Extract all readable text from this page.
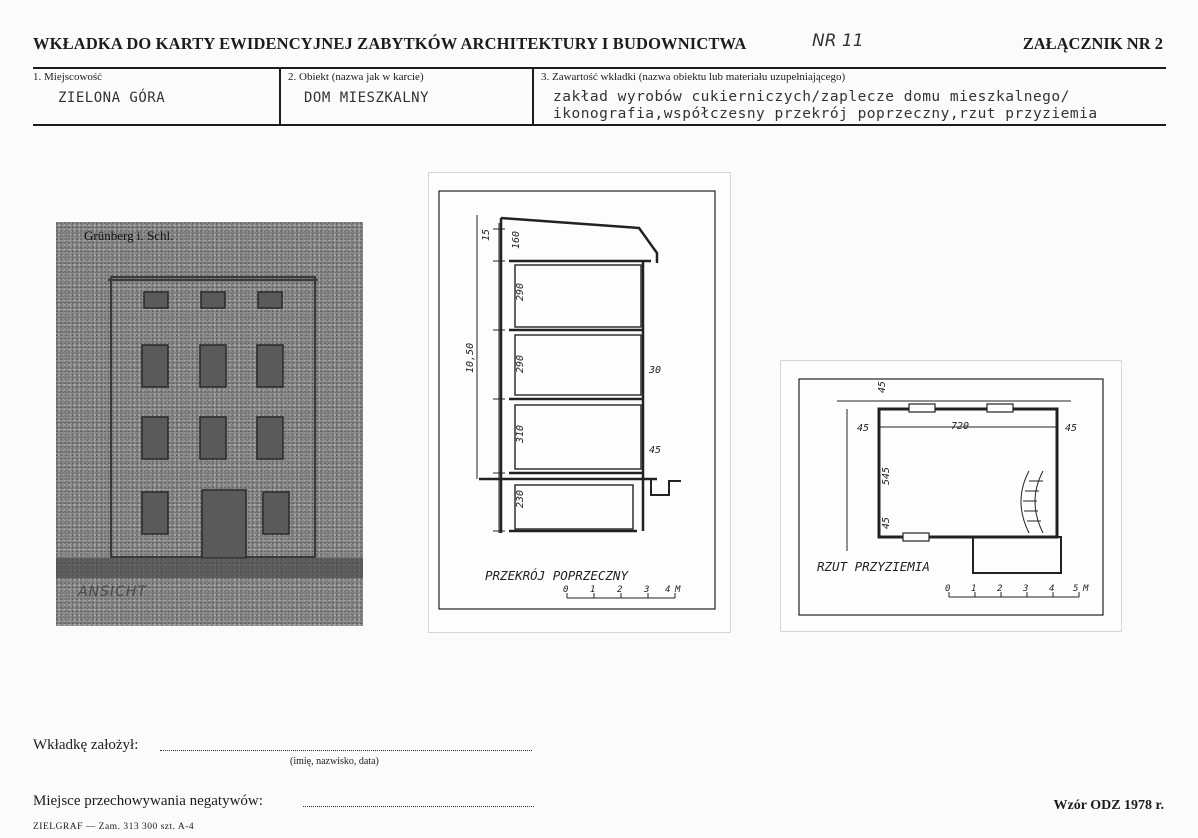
WKŁADKA DO KARTY EWIDENCYJNEJ ZABYTKÓW ARCHITEKTURY I BUDOWNICTWA	NR 11	ZAŁĄCZNIK NR 2
1. Miejscowość
ZIELONA GÓRA
2. Obiekt (nazwa jak w karcie)
DOM MIESZKALNY
3. Zawartość wkładki (nazwa obiektu lub materiału uzupełniającego)
zakład wyrobów cukierniczych/zaplecze domu mieszkalnego/
ikonografia,współczesny przekrój poprzeczny,rzut przyziemia
Grünberg i. Schl.
ANSICHT
15 160
290
10,50	290	30
310
45
230
0 1 2 3 4 M
PRZEKRÓJ POPRZECZNY
45
45	720	45
545
45
0 1 2 3 4 5 M
RZUT PRZYZIEMIA
Wkładkę założył:
(imię, nazwisko, data)
Miejsce przechowywania negatywów:	Wzór ODZ 1978 r.
ZIELGRAF — Zam. 313 300 szt. A-4
